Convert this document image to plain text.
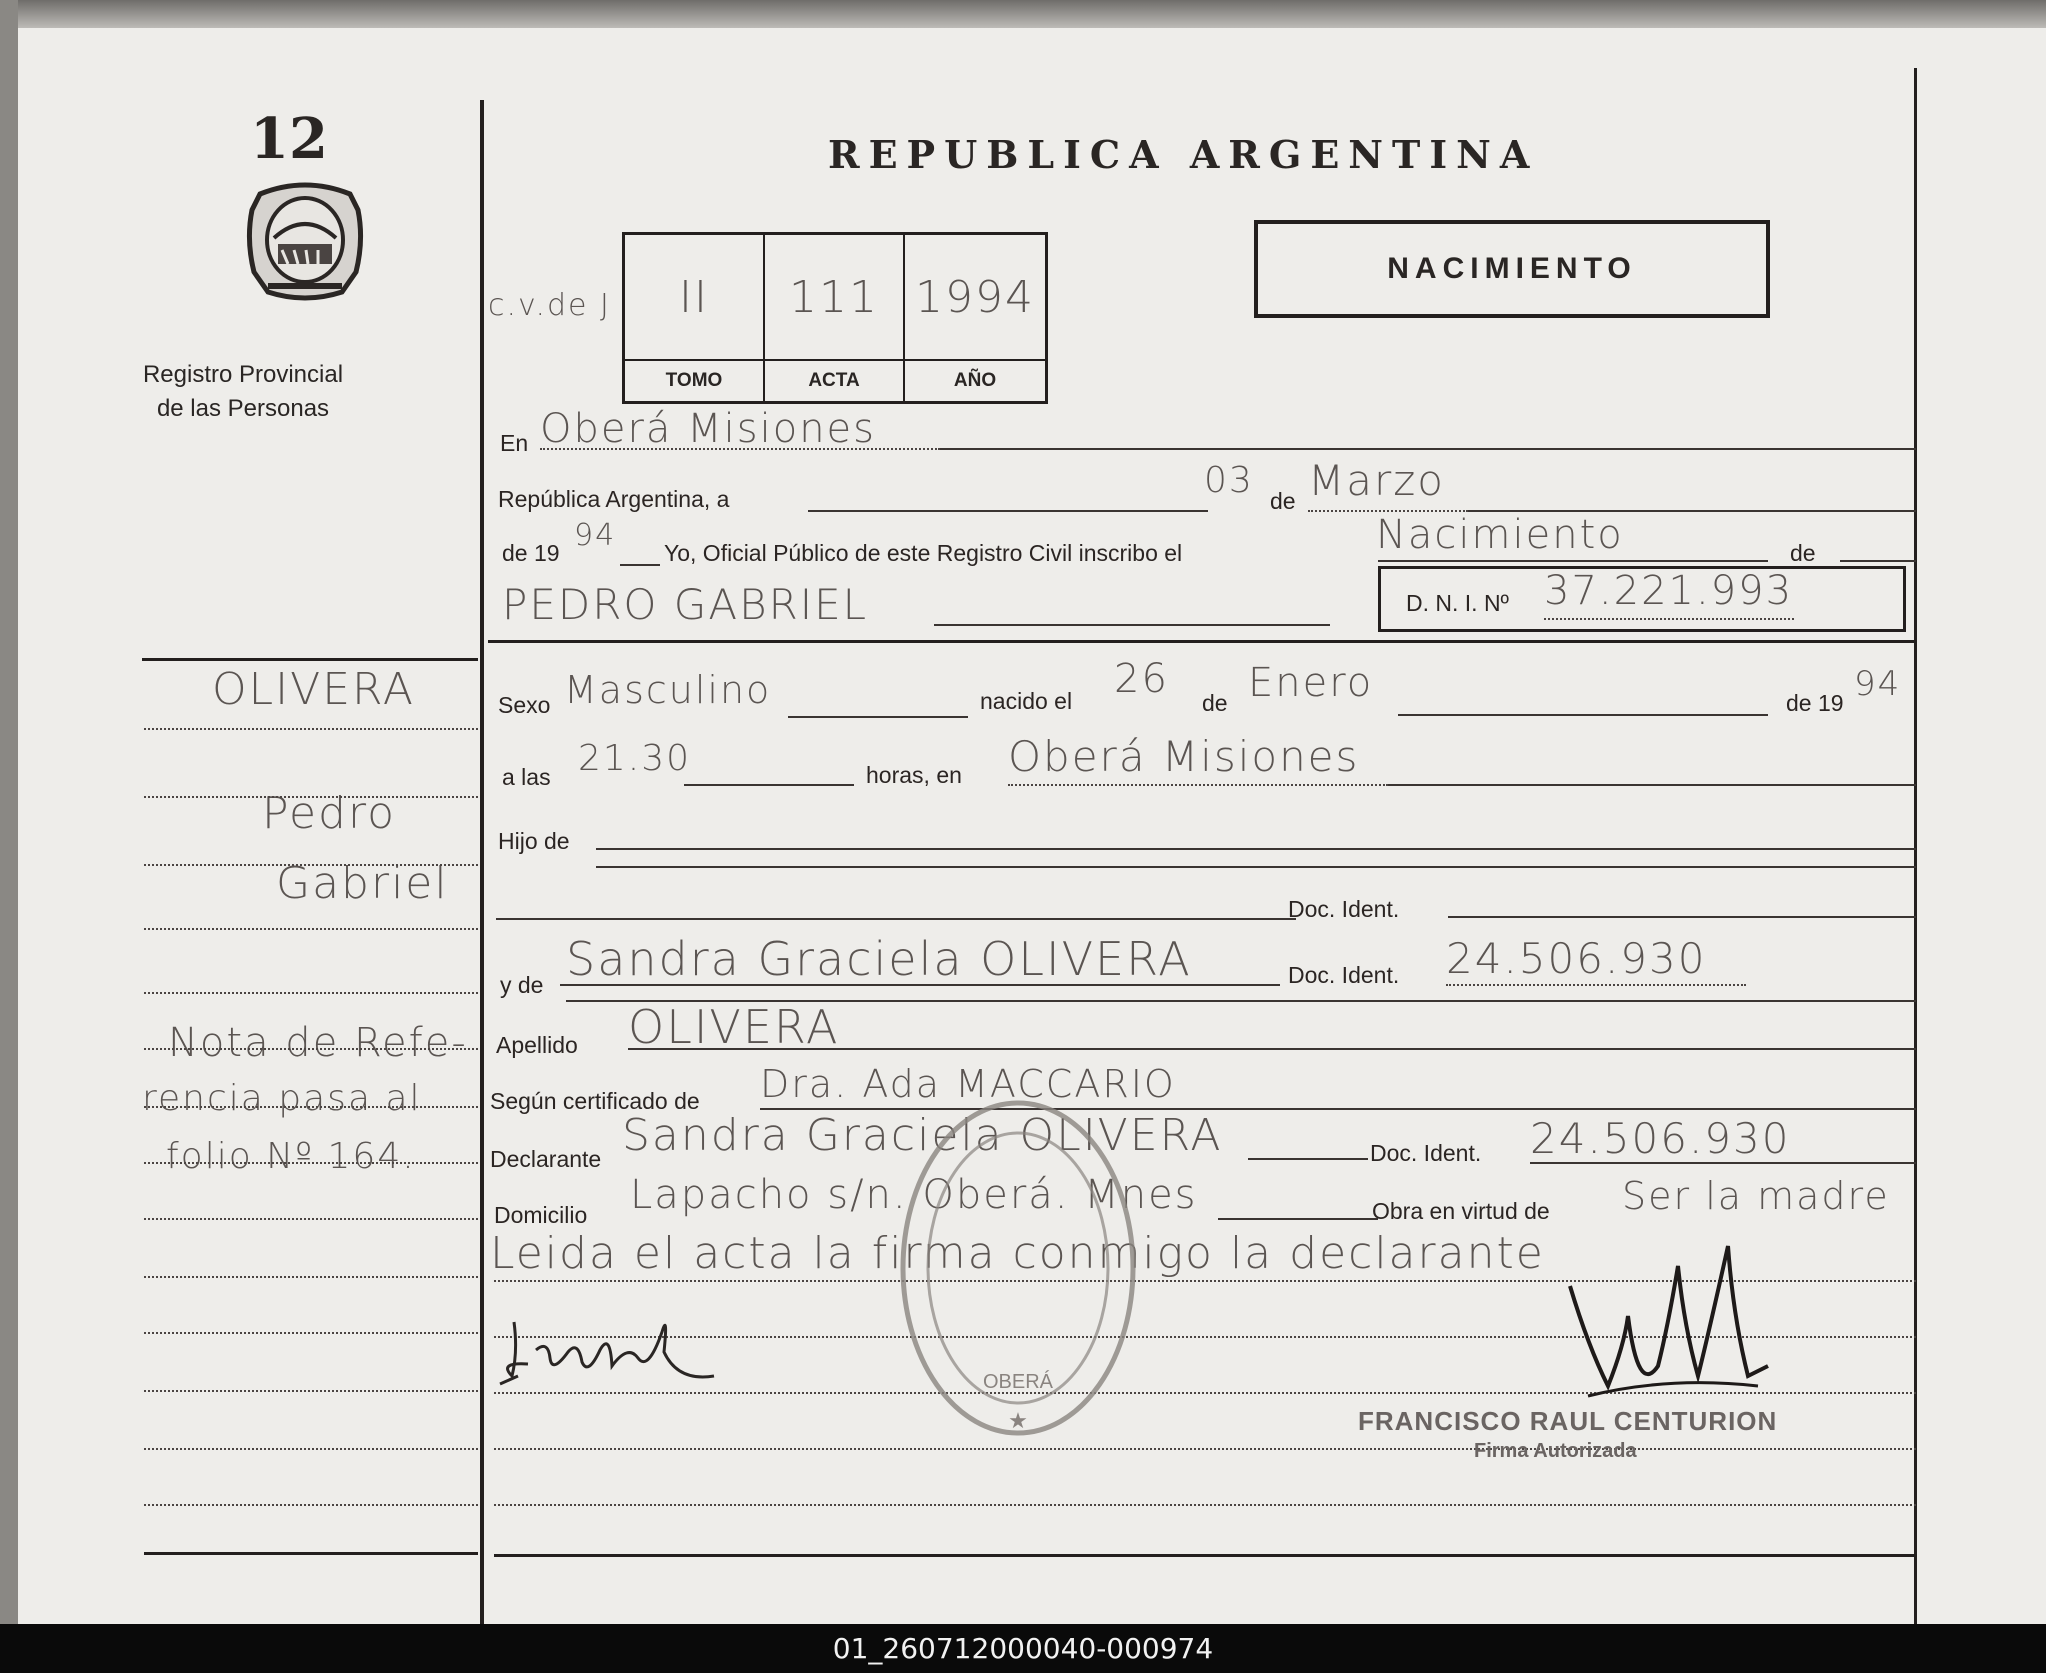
12
Registro Provincial
de las Personas
REPUBLICA ARGENTINA
c.v.de J	II	111 1994
TOMO	ACTA	AÑO
NACIMIENTO
En Oberá Misiones
República Argentina, a	03 de Marzo
de 19 94 Yo, Oficial Público de este Registro Civil inscribo el	Nacimiento	de
PEDRO GABRIEL	D. N. I. Nº 37.221.993
OLIVERA
Pedro
Gabriel
Nota de Refe-
rencia pasa al
folio Nº 164.
Sexo Masculino	nacido el 26
de Enero	de 19 94
a las 21.30	horas, en Oberá Misiones
Hijo de
Doc. Ident.
y de Sandra Graciela OLIVERA	Doc. Ident. 24.506.930
Apellido OLIVERA
Según certificado de Dra. Ada MACCARIO
Declarante Sandra Graciela OLIVERA	Doc. Ident. 24.506.930
Domicilio Lapacho s/n. Oberá. Mnes	Obra en virtud de Ser la madre
Leida el acta la firma conmigo la declarante
OBERÁ
★	FRANCISCO RAUL CENTURION
Firma Autorizada
01_260712000040-000974
